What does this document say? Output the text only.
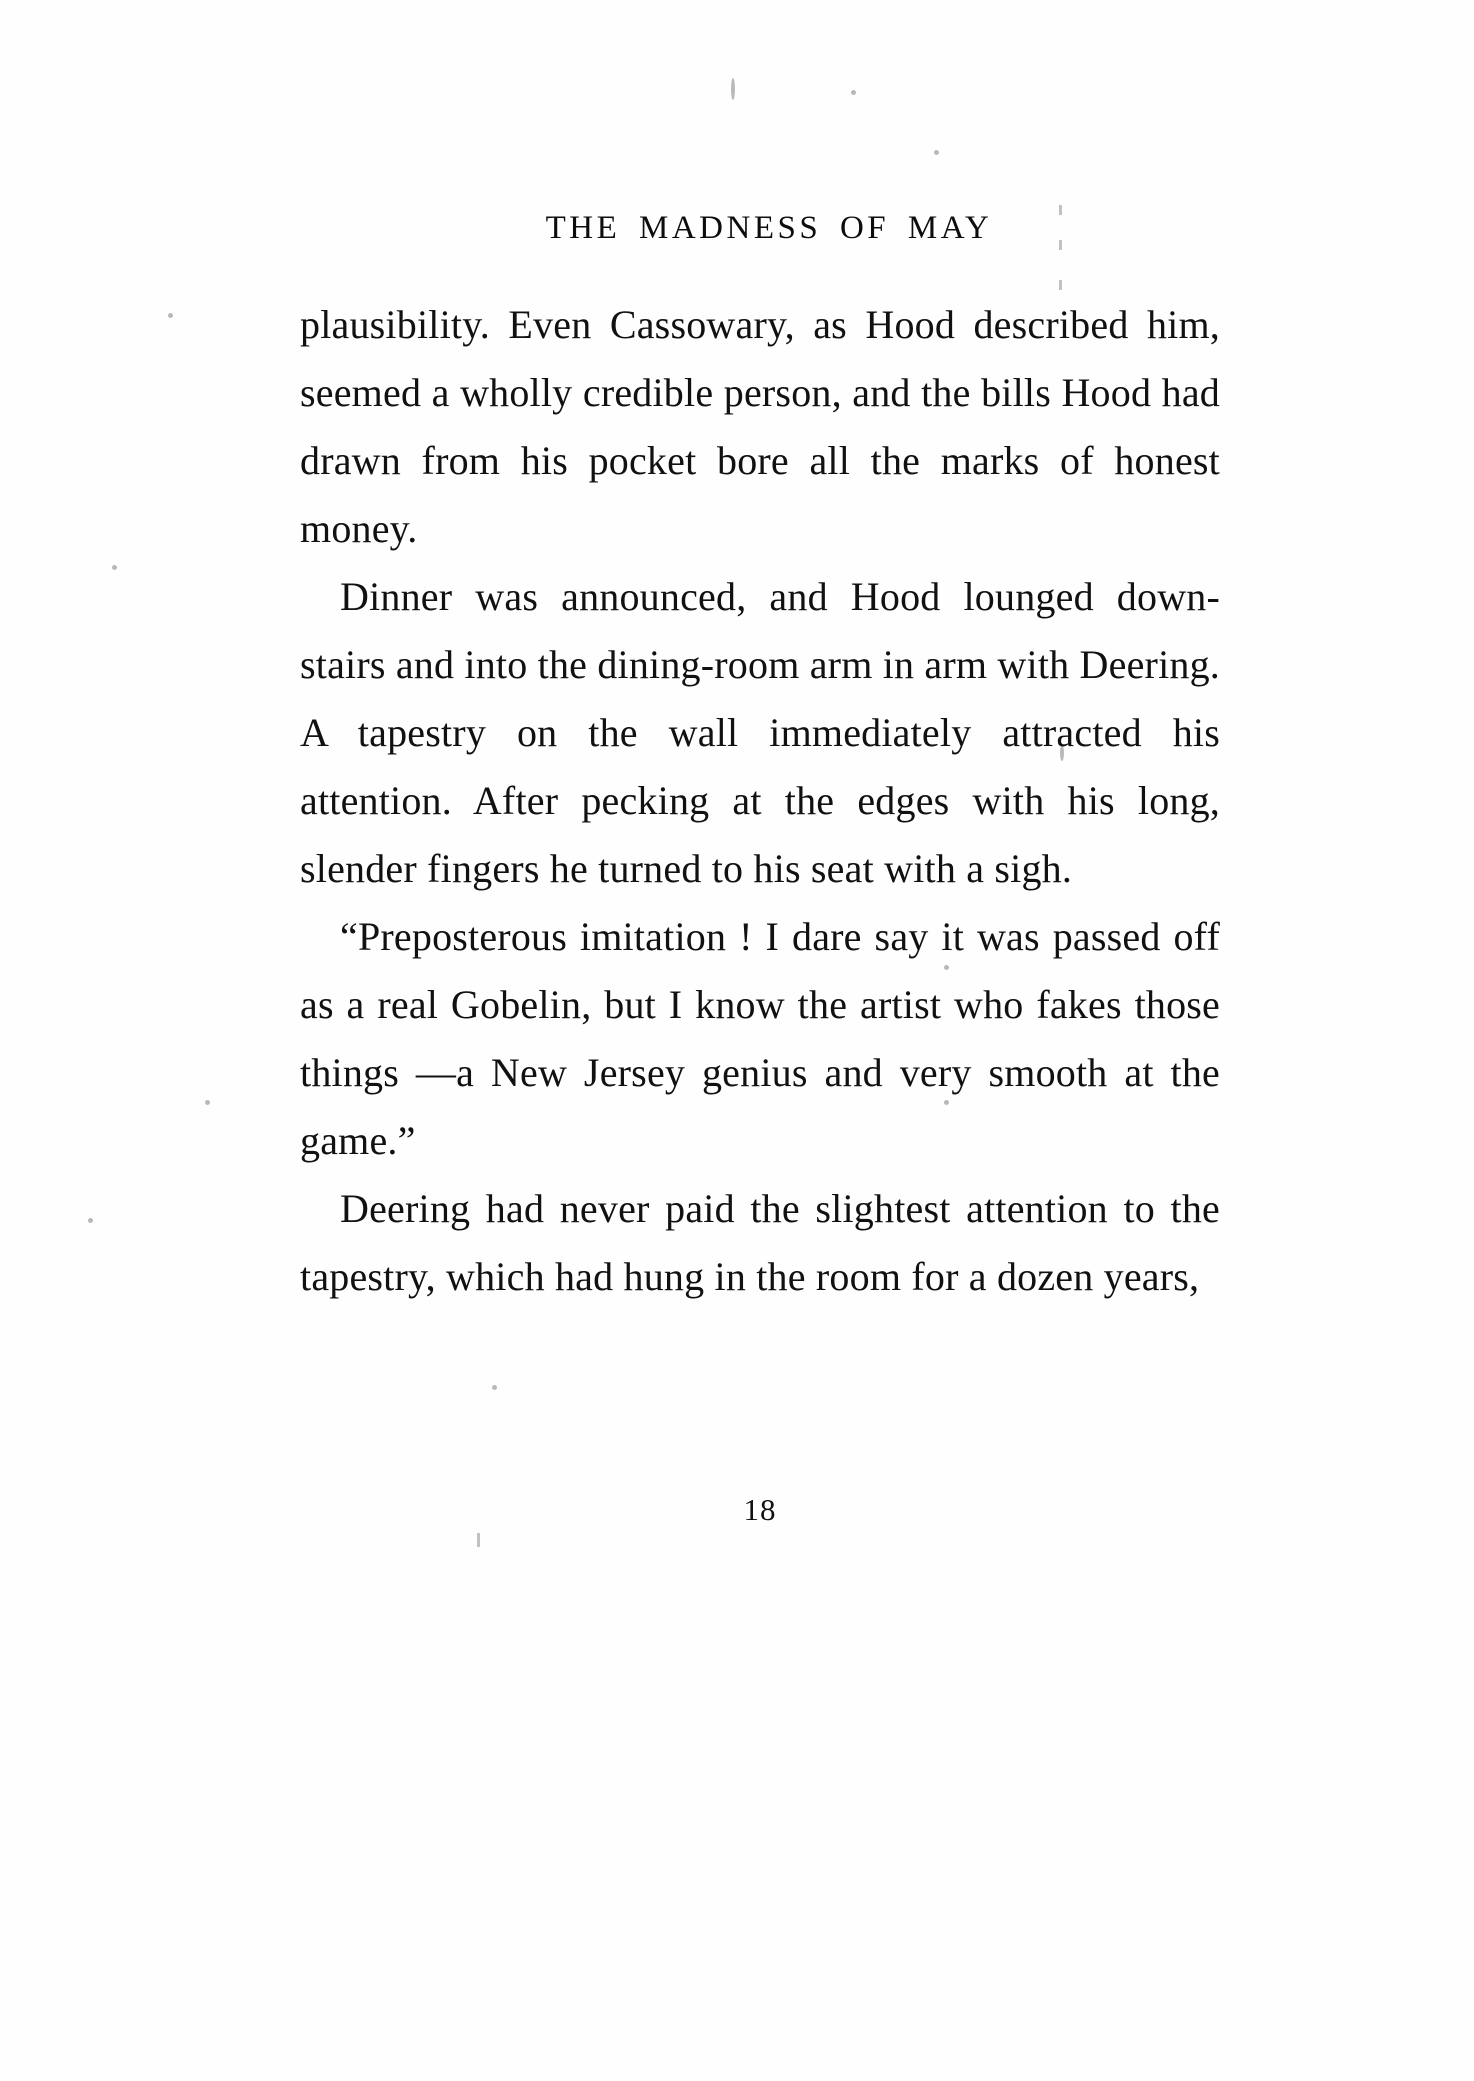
THE MADNESS OF MAY

plausibility. Even Cassowary, as Hood described him, seemed a wholly credible person, and the bills Hood had drawn from his pocket bore all the marks of honest money.

Dinner was announced, and Hood lounged down-stairs and into the dining-room arm in arm with Deering. A tapestry on the wall immediately attracted his attention. After pecking at the edges with his long, slender fingers he turned to his seat with a sigh.

“Preposterous imitation ! I dare say it was passed off as a real Gobelin, but I know the artist who fakes those things —a New Jersey genius and very smooth at the game.”

Deering had never paid the slightest attention to the tapestry, which had hung in the room for a dozen years,

18
